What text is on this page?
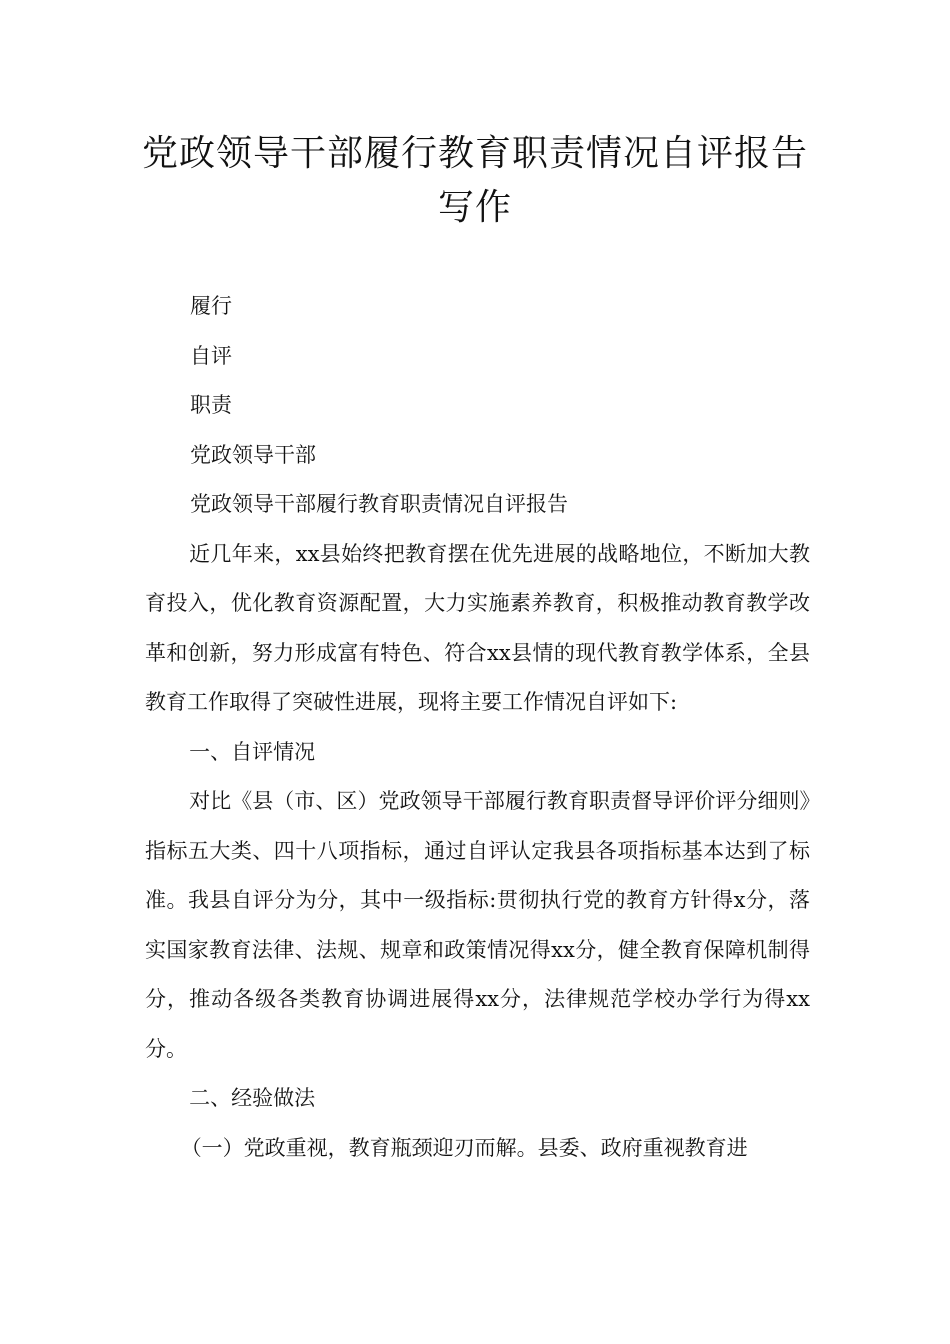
党政领导干部履行教育职责情况自评报告写作

履行

自评

职责

党政领导干部

党政领导干部履行教育职责情况自评报告

近几年来，xx县始终把教育摆在优先进展的战略地位，不断加大教育投入，优化教育资源配置，大力实施素养教育，积极推动教育教学改革和创新，努力形成富有特色、符合xx县情的现代教育教学体系，全县教育工作取得了突破性进展，现将主要工作情况自评如下:

一、自评情况

对比《县（市、区）党政领导干部履行教育职责督导评价评分细则》指标五大类、四十八项指标，通过自评认定我县各项指标基本达到了标准。我县自评分为分，其中一级指标:贯彻执行党的教育方针得x分，落实国家教育法律、法规、规章和政策情况得xx分，健全教育保障机制得分，推动各级各类教育协调进展得xx分，法律规范学校办学行为得xx分。

二、经验做法

（一）党政重视，教育瓶颈迎刃而解。县委、政府重视教育进
